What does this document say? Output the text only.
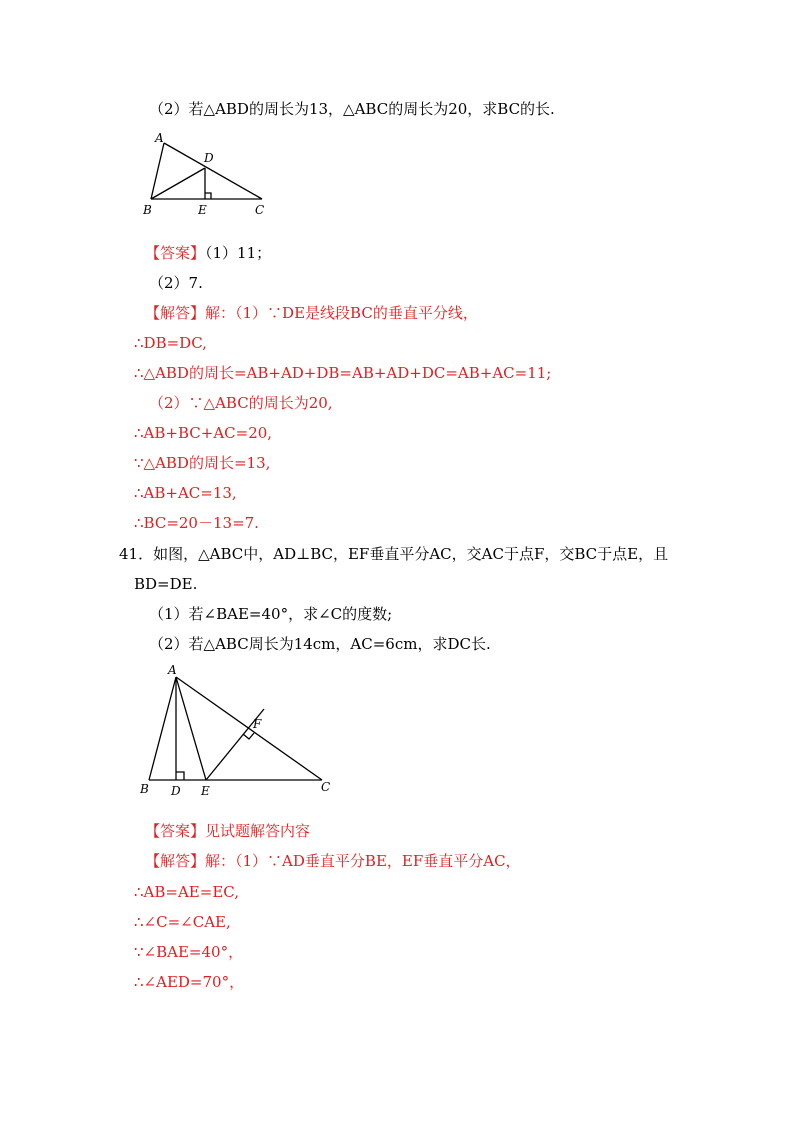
（2）若△ABD的周长为13，△ABC的周长为20，求BC的长.
A
D
B	E	C
【答案】（1）11；
（2）7.
【解答】解：（1）∵DE是线段BC的垂直平分线，
∴DB=DC,
∴△ABD的周长=AB+AD+DB=AB+AD+DC=AB+AC=11;
（2）∵△ABC的周长为20,
∴AB+BC+AC=20,
∵△ABD的周长=13,
∴AB+AC=13,
∴BC=20－13=7.
41．如图，△ABC中，AD⊥BC，EF垂直平分AC，交AC于点F，交BC于点E，且
BD=DE.
（1）若∠BAE=40°，求∠C的度数;
（2）若△ABC周长为14cm，AC=6cm，求DC长.
A
F
B D E	C
【答案】见试题解答内容
【解答】解：（1）∵AD垂直平分BE，EF垂直平分AC，
∴AB=AE=EC,
∴∠C=∠CAE,
∵∠BAE=40°，
∴∠AED=70°，
